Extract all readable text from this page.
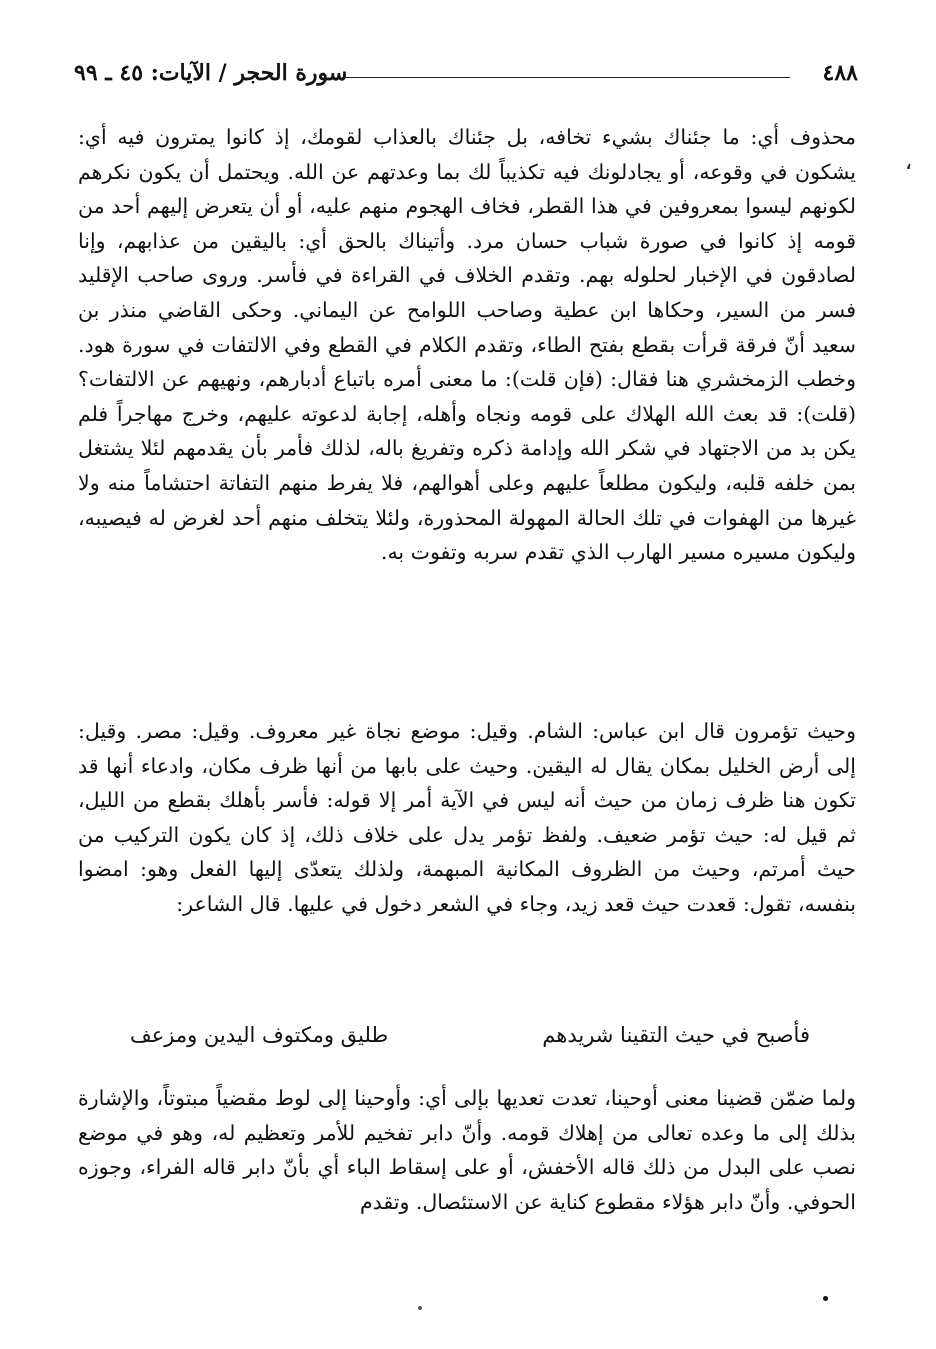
٤٨٨
سورة الحجر / الآيات: ٤٥ ـ ٩٩
،

محذوف أي: ما جئناك بشيء تخافه، بل جئناك بالعذاب لقومك، إذ كانوا يمترون فيه أي: يشكون في وقوعه، أو يجادلونك فيه تكذيباً لك بما وعدتهم عن الله. ويحتمل أن يكون نكرهم لكونهم ليسوا بمعروفين في هذا القطر، فخاف الهجوم منهم عليه، أو أن يتعرض إليهم أحد من قومه إذ كانوا في صورة شباب حسان مرد. وأتيناك بالحق أي: باليقين من عذابهم، وإنا لصادقون في الإخبار لحلوله بهم. وتقدم الخلاف في القراءة في فأسر. وروى صاحب الإقليد فسر من السير، وحكاها ابن عطية وصاحب اللوامح عن اليماني. وحكى القاضي منذر بن سعيد أنّ فرقة قرأت بقطع بفتح الطاء، وتقدم الكلام في القطع وفي الالتفات في سورة هود. وخطب الزمخشري هنا فقال: (فإن قلت): ما معنى أمره باتباع أدبارهم، ونهيهم عن الالتفات؟ (قلت): قد بعث الله الهلاك على قومه ونجاه وأهله، إجابة لدعوته عليهم، وخرج مهاجراً فلم يكن بد من الاجتهاد في شكر الله وإدامة ذكره وتفريغ باله، لذلك فأمر بأن يقدمهم لئلا يشتغل بمن خلفه قلبه، وليكون مطلعاً عليهم وعلى أهوالهم، فلا يفرط منهم التفاتة احتشاماً منه ولا غيرها من الهفوات في تلك الحالة المهولة المحذورة، ولئلا يتخلف منهم أحد لغرض له فيصيبه، وليكون مسيره مسير الهارب الذي تقدم سربه وتفوت به.

وحيث تؤمرون قال ابن عباس: الشام. وقيل: موضع نجاة غير معروف. وقيل: مصر. وقيل: إلى أرض الخليل بمكان يقال له اليقين. وحيث على بابها من أنها ظرف مكان، وادعاء أنها قد تكون هنا ظرف زمان من حيث أنه ليس في الآية أمر إلا قوله: فأسر بأهلك بقطع من الليل، ثم قيل له: حيث تؤمر ضعيف. ولفظ تؤمر يدل على خلاف ذلك، إذ كان يكون التركيب من حيث أمرتم، وحيث من الظروف المكانية المبهمة، ولذلك يتعدّى إليها الفعل وهو: امضوا بنفسه، تقول: قعدت حيث قعد زيد، وجاء في الشعر دخول في عليها. قال الشاعر:

فأصبح في حيث التقينا شريدهم
طليق ومكتوف اليدين ومزعف

ولما ضمّن قضينا معنى أوحينا، تعدت تعديها بإلى أي: وأوحينا إلى لوط مقضياً مبتوتاً، والإشارة بذلك إلى ما وعده تعالى من إهلاك قومه. وأنّ دابر تفخيم للأمر وتعظيم له، وهو في موضع نصب على البدل من ذلك قاله الأخفش، أو على إسقاط الباء أي بأنّ دابر قاله الفراء، وجوزه الحوفي. وأنّ دابر هؤلاء مقطوع كناية عن الاستئصال. وتقدم
